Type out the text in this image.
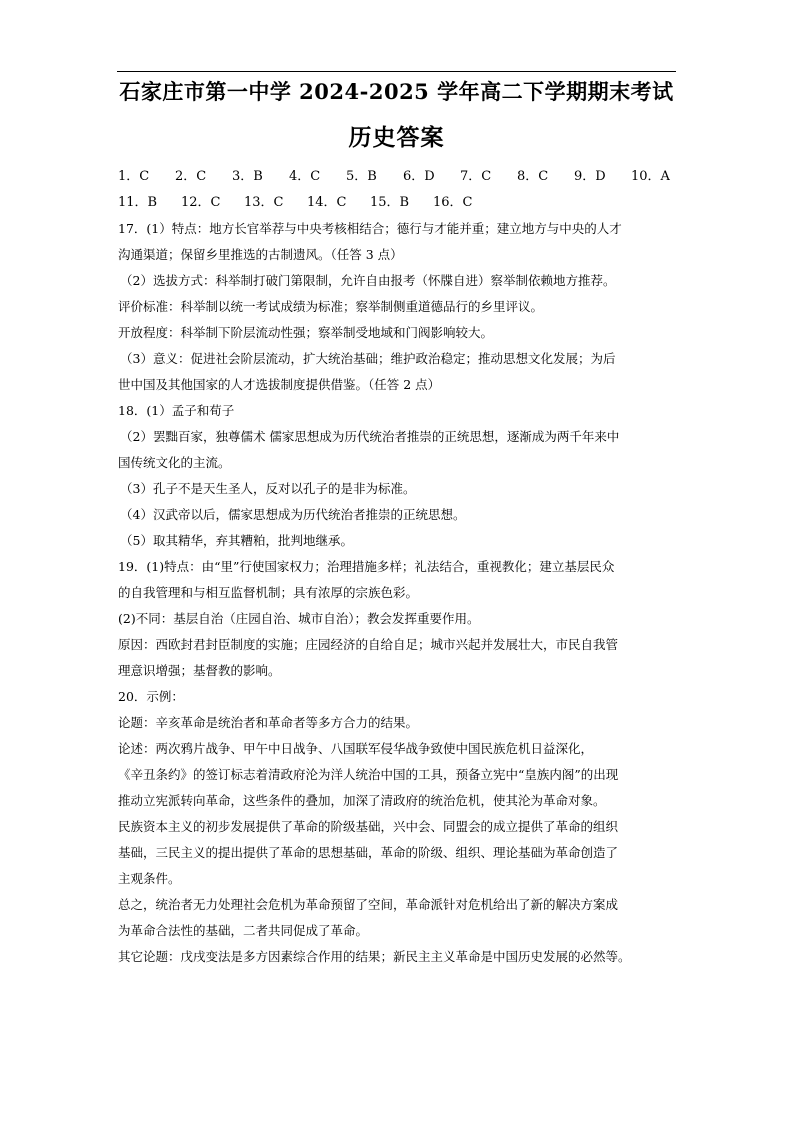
石家庄市第一中学 2024-2025 学年高二下学期期末考试
历史答案
1．C 2．C 3．B 4．C 5．B 6．D 7．C 8．C 9．D 10．A
11．B 12．C 13．C 14．C 15．B 16．C
17．(1）特点：地方长官举荐与中央考核相结合；德行与才能并重；建立地方与中央的人才
沟通渠道；保留乡里推选的古制遗风。（任答 3 点）
（2）选拔方式：科举制打破门第限制，允许自由报考（怀牒自进）察举制依赖地方推荐。
评价标准：科举制以统一考试成绩为标准；察举制侧重道德品行的乡里评议。
开放程度：科举制下阶层流动性强；察举制受地域和门阀影响较大。
（3）意义：促进社会阶层流动，扩大统治基础；维护政治稳定；推动思想文化发展；为后
世中国及其他国家的人才选拔制度提供借鉴。（任答 2 点）
18．(1）孟子和荀子
（2）罢黜百家，独尊儒术 儒家思想成为历代统治者推崇的正统思想，逐渐成为两千年来中
国传统文化的主流。
（3）孔子不是天生圣人，反对以孔子的是非为标准。
（4）汉武帝以后，儒家思想成为历代统治者推崇的正统思想。
（5）取其精华，弃其糟粕，批判地继承。
19．(1)特点：由“里”行使国家权力；治理措施多样；礼法结合，重视教化；建立基层民众
的自我管理和与相互监督机制；具有浓厚的宗族色彩。
(2)不同：基层自治（庄园自治、城市自治）；教会发挥重要作用。
原因：西欧封君封臣制度的实施；庄园经济的自给自足；城市兴起并发展壮大，市民自我管
理意识增强；基督教的影响。
20．示例：
论题：辛亥革命是统治者和革命者等多方合力的结果。
论述：两次鸦片战争、甲午中日战争、八国联军侵华战争致使中国民族危机日益深化，
《辛丑条约》的签订标志着清政府沦为洋人统治中国的工具，预备立宪中“皇族内阁”的出现
推动立宪派转向革命，这些条件的叠加，加深了清政府的统治危机，使其沦为革命对象。
民族资本主义的初步发展提供了革命的阶级基础，兴中会、同盟会的成立提供了革命的组织
基础，三民主义的提出提供了革命的思想基础，革命的阶级、组织、理论基础为革命创造了
主观条件。
总之，统治者无力处理社会危机为革命预留了空间，革命派针对危机给出了新的解决方案成
为革命合法性的基础，二者共同促成了革命。
其它论题：戊戌变法是多方因素综合作用的结果；新民主主义革命是中国历史发展的必然等。
